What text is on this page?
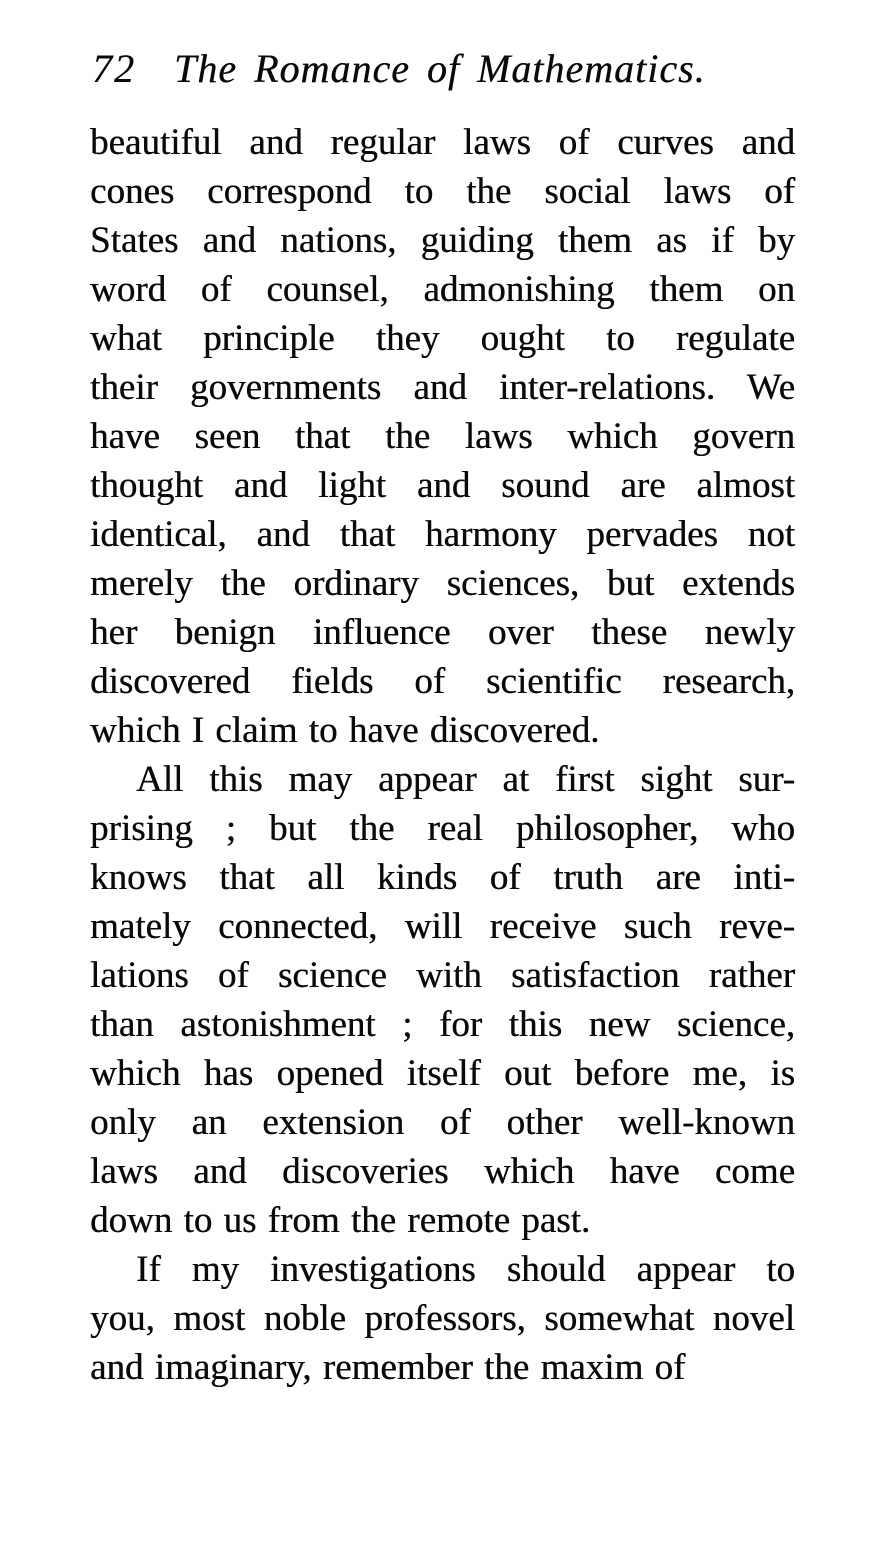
72 The Romance of Mathematics.
beautiful and regular laws of curves and
cones correspond to the social laws of
States and nations, guiding them as if by
word of counsel, admonishing them on
what principle they ought to regulate
their governments and inter-relations. We
have seen that the laws which govern
thought and light and sound are almost
identical, and that harmony pervades not
merely the ordinary sciences, but extends
her benign influence over these newly
discovered fields of scientific research,
which I claim to have discovered.
All this may appear at first sight sur-
prising ; but the real philosopher, who
knows that all kinds of truth are inti-
mately connected, will receive such reve-
lations of science with satisfaction rather
than astonishment ; for this new science,
which has opened itself out before me, is
only an extension of other well-known
laws and discoveries which have come
down to us from the remote past.
If my investigations should appear to
you, most noble professors, somewhat novel
and imaginary, remember the maxim of
